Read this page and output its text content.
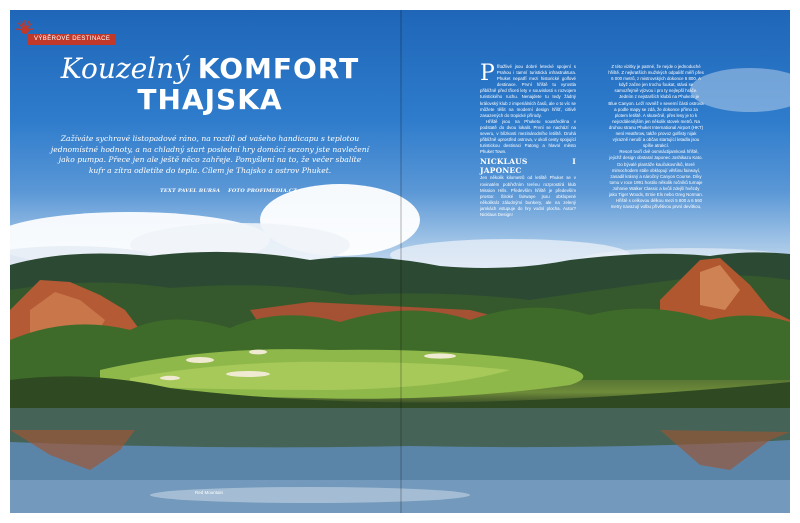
VÝBĚROVÉ DESTINACE
Kouzelný KOMFORT
THAJSKA
Zažíváte sychravé listopadové ráno, na rozdíl od vašeho handicapu s teplotou jednomístné hodnoty, a na chladný start poslední hry domácí sezony jste navlečení jako pumpa. Přece jen ale ještě něco zahřeje. Pomyšlení na to, že večer sbalíte kufr a zítra odletíte do tepla. Cílem je Thajsko a ostrov Phuket.
TEXT PAVEL BURSA FOTO PROFIMEDIA.CZ
Red Mountain

Přítažlivé jsou dobré letecké spojení s Prahou i tamní turistická infrastruktura. Phuket nepatří mezi historické golfové destinace. První hřiště tu vyrostla přibližně před třiceti lety v souvislosti s rozvojem turistického ruchu. Nenajdete tu tedy žádný královský klub z imperiálních časů, ale o to víc se můžete těšit na moderní design hřišť, citlivě zasazených do tropické přírody.

Hřiště jsou na Phuketu soustředěna v podstatě do dvou lokalit. První se nachází na severu, v blízkosti mezinárodního letiště. Druhá přibližně uprostřed ostrova, v okolí cesty spojující turistickou destinaci Patong a hlavní město Phuket Town.

NICKLAUS I JAPONEC

Jen několik kilometrů od letiště Phuket se v rovinatém pobřežním terénu rozprostírá klub Mission Hills. Především hřiště je především prostor. Široké fairwaye jsou obklopené několikrát záludnými bunkery, ale na zelený jamkách vstupuje do hry vodní plocha. Autor? Nicklaus Design!

Z této vizitky je patrné, že nejde o jednoduché hřiště. Z nejkratších mužských odpališť měří přes 6 000 metrů, z mistrovských dokonce 6 800. A když začne jen trochu foukat, stává se samozřejmě výzvou i pro ty nejlepší hráče.

Jedním z nejstarších klubů na Phuketu je Blue Canyon. Leží rovněž v severní části ostrova a podle mapy se zdá, že dokonce přímo za plotem letiště. A skutečně, přes lesy je to k nejvzdálenějším jen několik stovek metrů. Na druhou stranu Phuket International Airport (HKT) není Heathrow, takže provoz golfisty nijak výrazně neruší a občas startující letadla jsou spíše atrakcí.

Resort tvoří dvě osmnáctijamková hřiště, jejichž design obstaral Japonec Joshikazu Kato. Do bývalé plantáže kaučukovníků, které mimochodem stále obklopují většinu fairwayí, zasadil krásný a náročný Canyon Course. Díky tomu v roce 1991 hostilo několik ročníků turnaje Johnnie Walker Classic a kvůli zdejší hvězdy jako Tiger Woods, Ernie Els nebo Greg Norman.

Hřiště s celkovou délkou mezi 5 800 a 6 560 metry navazují volbu přívětivou první devítkou,
